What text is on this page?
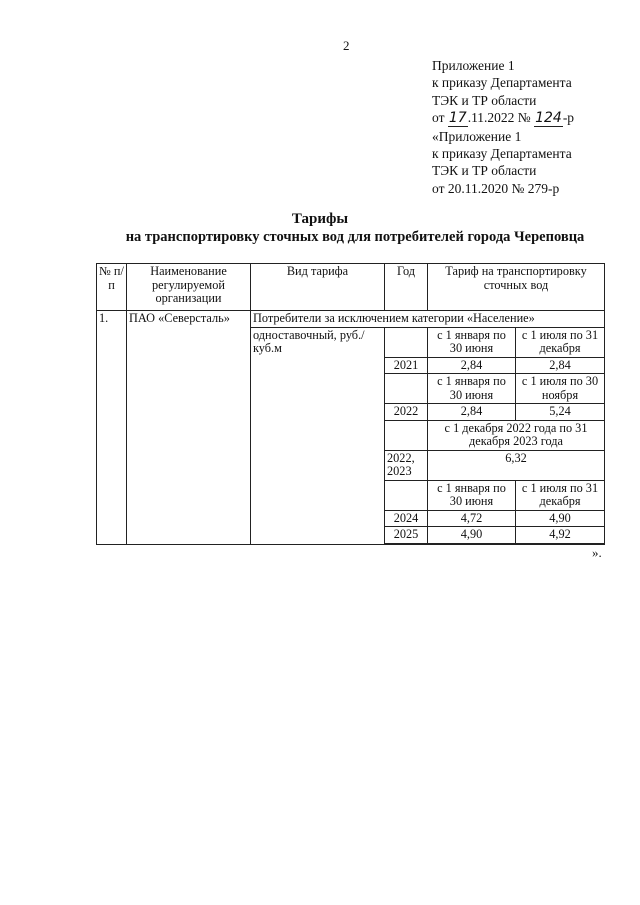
2
Приложение 1
к приказу Департамента
ТЭК и ТР области
от 17.11.2022 № 124-р
«Приложение 1
к приказу Департамента
ТЭК и ТР области
от 20.11.2020 № 279-р
Тарифы
на транспортировку сточных вод для потребителей города Череповца
№ п/п	Наименование регулируемой организации	Вид тарифа	Год	Тариф на транспортировку сточных вод	
1.	ПАО «Северсталь»	Потребители за исключением категории «Население»			
		одноставочный, руб./куб.м		с 1 января по 30 июня	с 1 июля по 31 декабря
			2021	2,84	2,84
				с 1 января по 30 июня	с 1 июля по 30 ноября
			2022	2,84	5,24
				с 1 декабря 2022 года по 31 декабря 2023 года	
			2022, 2023	6,32	
				с 1 января по 30 июня	с 1 июля по 31 декабря
			2024	4,72	4,90
			2025	4,90	4,92

».
